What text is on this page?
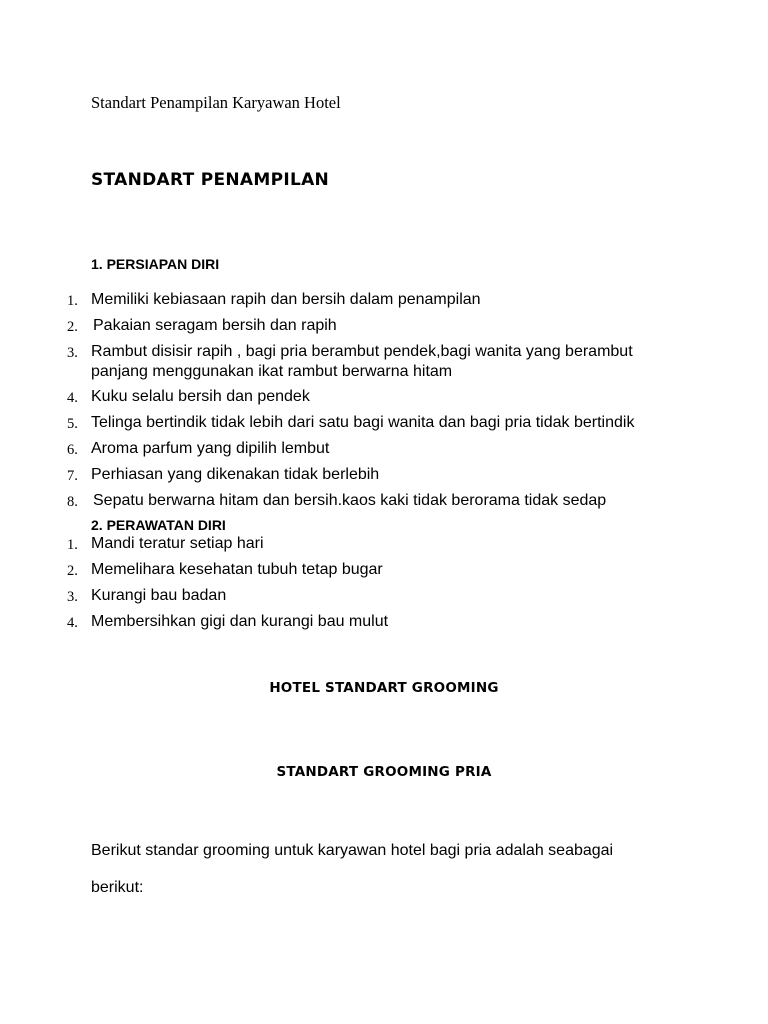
Standart Penampilan Karyawan Hotel
STANDART PENAMPILAN
1. PERSIAPAN DIRI
1. Memiliki kebiasaan rapih dan bersih dalam penampilan
2. Pakaian seragam bersih dan rapih
3. Rambut disisir rapih , bagi pria berambut pendek,bagi wanita yang berambut panjang menggunakan ikat rambut berwarna hitam
4. Kuku selalu bersih dan pendek
5. Telinga bertindik tidak lebih dari satu bagi wanita dan bagi pria tidak bertindik
6. Aroma parfum yang dipilih lembut
7. Perhiasan yang dikenakan tidak berlebih
8. Sepatu berwarna hitam dan bersih.kaos kaki tidak berorama tidak sedap
2. PERAWATAN DIRI
1. Mandi teratur setiap hari
2. Memelihara kesehatan tubuh tetap bugar
3. Kurangi bau badan
4. Membersihkan gigi dan kurangi bau mulut
HOTEL STANDART GROOMING
STANDART GROOMING PRIA
Berikut standar grooming untuk karyawan hotel bagi pria adalah seabagai
berikut:
